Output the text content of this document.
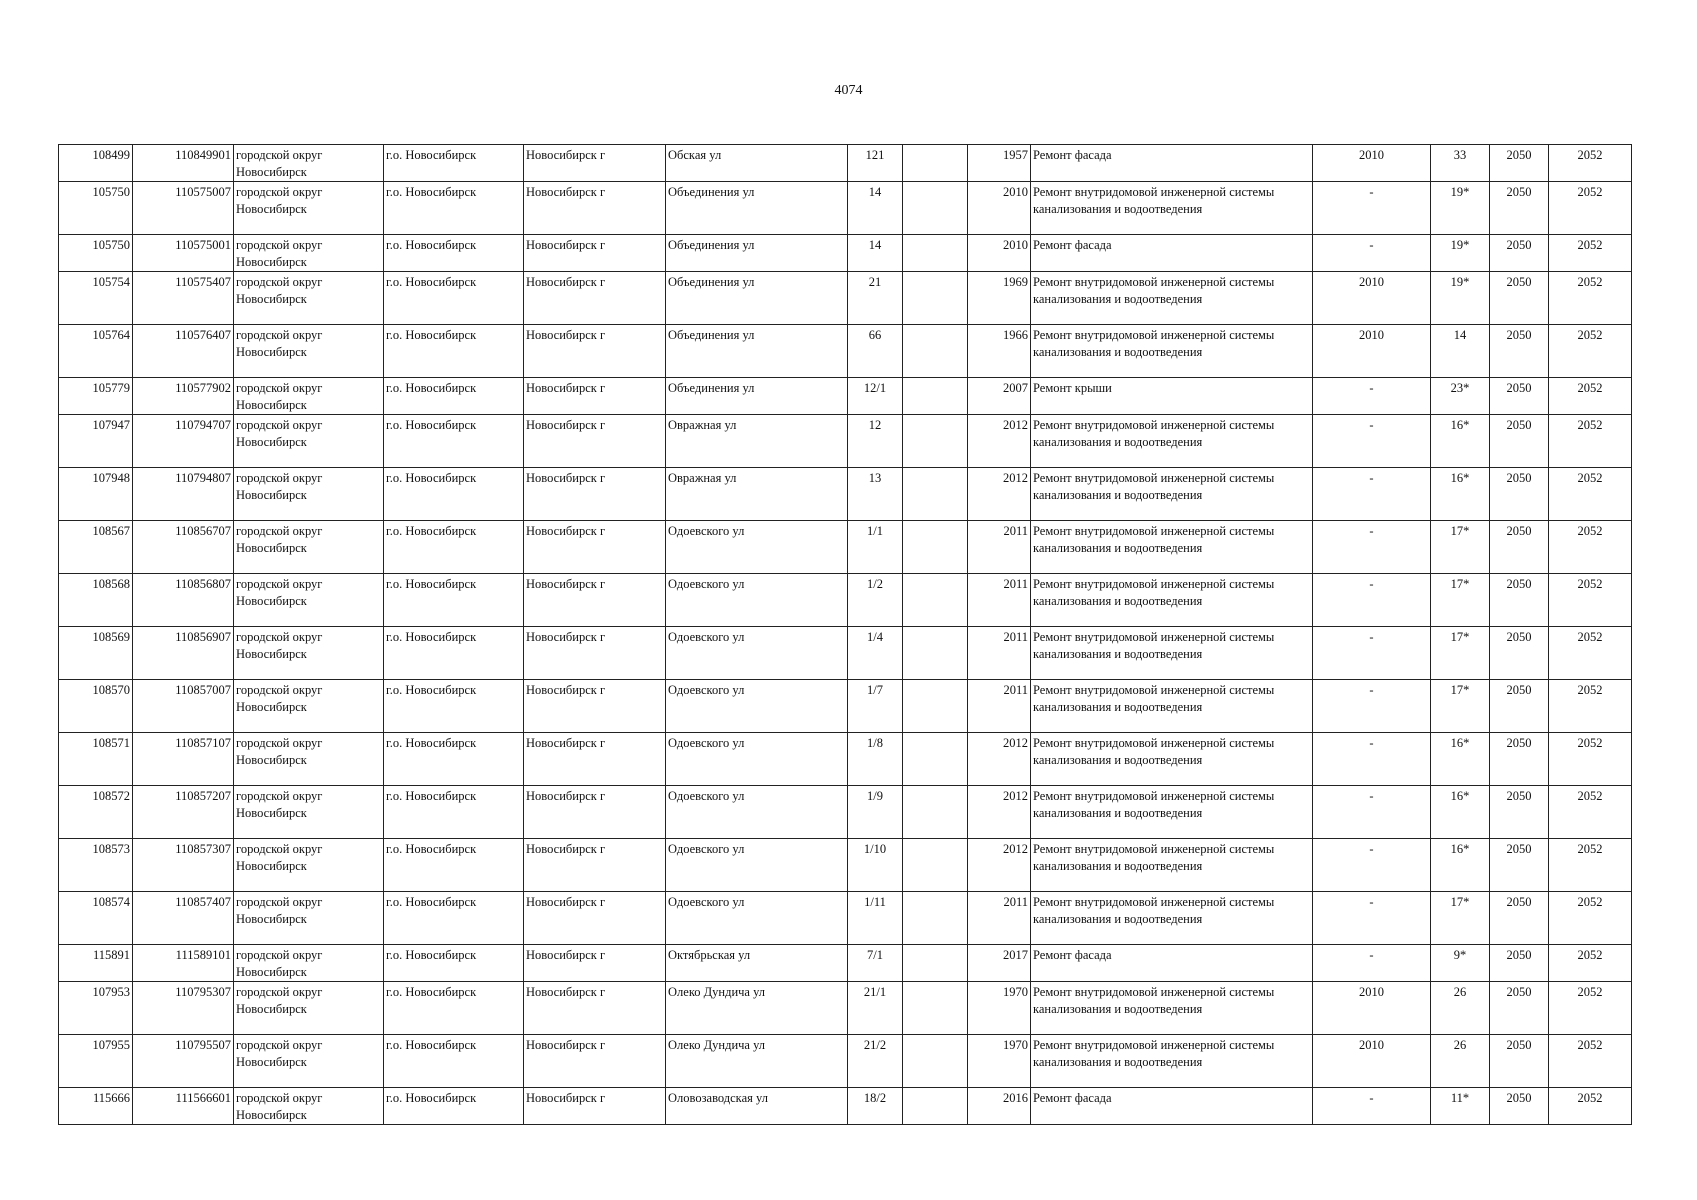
4074
108499	110849901	городской округ Новосибирск	г.о. Новосибирск	Новосибирск г	Обская ул	121		1957	Ремонт фасада	2010	33	2050	2052
105750	110575007	городской округ Новосибирск	г.о. Новосибирск	Новосибирск г	Объединения ул	14		2010	Ремонт внутридомовой инженерной системы канализования и водоотведения	-	19*	2050	2052
105750	110575001	городской округ Новосибирск	г.о. Новосибирск	Новосибирск г	Объединения ул	14		2010	Ремонт фасада	-	19*	2050	2052
105754	110575407	городской округ Новосибирск	г.о. Новосибирск	Новосибирск г	Объединения ул	21		1969	Ремонт внутридомовой инженерной системы канализования и водоотведения	2010	19*	2050	2052
105764	110576407	городской округ Новосибирск	г.о. Новосибирск	Новосибирск г	Объединения ул	66		1966	Ремонт внутридомовой инженерной системы канализования и водоотведения	2010	14	2050	2052
105779	110577902	городской округ Новосибирск	г.о. Новосибирск	Новосибирск г	Объединения ул	12/1		2007	Ремонт крыши	-	23*	2050	2052
107947	110794707	городской округ Новосибирск	г.о. Новосибирск	Новосибирск г	Овражная ул	12		2012	Ремонт внутридомовой инженерной системы канализования и водоотведения	-	16*	2050	2052
107948	110794807	городской округ Новосибирск	г.о. Новосибирск	Новосибирск г	Овражная ул	13		2012	Ремонт внутридомовой инженерной системы канализования и водоотведения	-	16*	2050	2052
108567	110856707	городской округ Новосибирск	г.о. Новосибирск	Новосибирск г	Одоевского ул	1/1		2011	Ремонт внутридомовой инженерной системы канализования и водоотведения	-	17*	2050	2052
108568	110856807	городской округ Новосибирск	г.о. Новосибирск	Новосибирск г	Одоевского ул	1/2		2011	Ремонт внутридомовой инженерной системы канализования и водоотведения	-	17*	2050	2052
108569	110856907	городской округ Новосибирск	г.о. Новосибирск	Новосибирск г	Одоевского ул	1/4		2011	Ремонт внутридомовой инженерной системы канализования и водоотведения	-	17*	2050	2052
108570	110857007	городской округ Новосибирск	г.о. Новосибирск	Новосибирск г	Одоевского ул	1/7		2011	Ремонт внутридомовой инженерной системы канализования и водоотведения	-	17*	2050	2052
108571	110857107	городской округ Новосибирск	г.о. Новосибирск	Новосибирск г	Одоевского ул	1/8		2012	Ремонт внутридомовой инженерной системы канализования и водоотведения	-	16*	2050	2052
108572	110857207	городской округ Новосибирск	г.о. Новосибирск	Новосибирск г	Одоевского ул	1/9		2012	Ремонт внутридомовой инженерной системы канализования и водоотведения	-	16*	2050	2052
108573	110857307	городской округ Новосибирск	г.о. Новосибирск	Новосибирск г	Одоевского ул	1/10		2012	Ремонт внутридомовой инженерной системы канализования и водоотведения	-	16*	2050	2052
108574	110857407	городской округ Новосибирск	г.о. Новосибирск	Новосибирск г	Одоевского ул	1/11		2011	Ремонт внутридомовой инженерной системы канализования и водоотведения	-	17*	2050	2052
115891	111589101	городской округ Новосибирск	г.о. Новосибирск	Новосибирск г	Октябрьская ул	7/1		2017	Ремонт фасада	-	9*	2050	2052
107953	110795307	городской округ Новосибирск	г.о. Новосибирск	Новосибирск г	Олеко Дундича ул	21/1		1970	Ремонт внутридомовой инженерной системы канализования и водоотведения	2010	26	2050	2052
107955	110795507	городской округ Новосибирск	г.о. Новосибирск	Новосибирск г	Олеко Дундича ул	21/2		1970	Ремонт внутридомовой инженерной системы канализования и водоотведения	2010	26	2050	2052
115666	111566601	городской округ Новосибирск	г.о. Новосибирск	Новосибирск г	Оловозаводская ул	18/2		2016	Ремонт фасада	-	11*	2050	2052
